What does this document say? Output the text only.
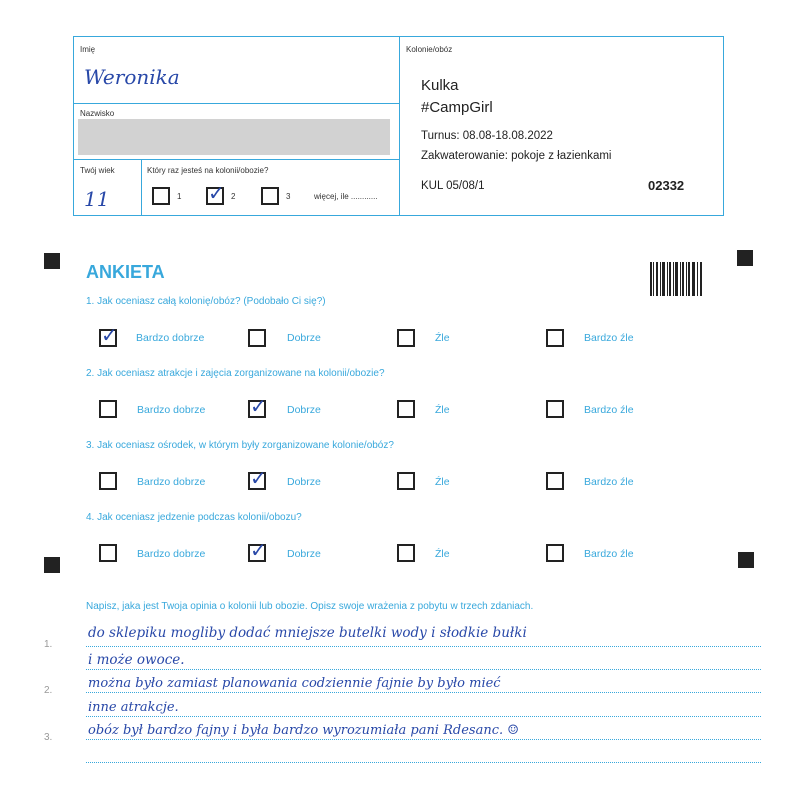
Imię
Weronika
Nazwisko
Twój wiek
11
Który raz jesteś na kolonii/obozie?
1 ✓ 2	3	więcej, ile ............
Kolonie/obóz
Kulka
#CampGirl
Turnus: 08.08-18.08.2022
Zakwaterowanie: pokoje z łazienkami
KUL 05/08/1	02332
ANKIETA
1. Jak oceniasz całą kolonię/obóz? (Podobało Ci się?)
✓ Bardzo dobrze	Dobrze	Źle	Bardzo źle
2. Jak oceniasz atrakcje i zajęcia zorganizowane na kolonii/obozie?
Bardzo dobrze ✓ Dobrze	Źle	Bardzo źle
3. Jak oceniasz ośrodek, w którym były zorganizowane kolonie/obóz?
Bardzo dobrze ✓ Dobrze	Źle	Bardzo źle
4. Jak oceniasz jedzenie podczas kolonii/obozu?
Bardzo dobrze ✓ Dobrze	Źle	Bardzo źle
Napisz, jaka jest Twoja opinia o kolonii lub obozie. Opisz swoje wrażenia z pobytu w trzech zdaniach.
1.
2.
3.
do sklepiku mogliby dodać mniejsze butelki wody i słodkie bułki
i może owoce.
można było zamiast planowania codziennie fajnie by było mieć
inne atrakcje.
obóz był bardzo fajny i była bardzo wyrozumiała pani Rdesanc. ☺
